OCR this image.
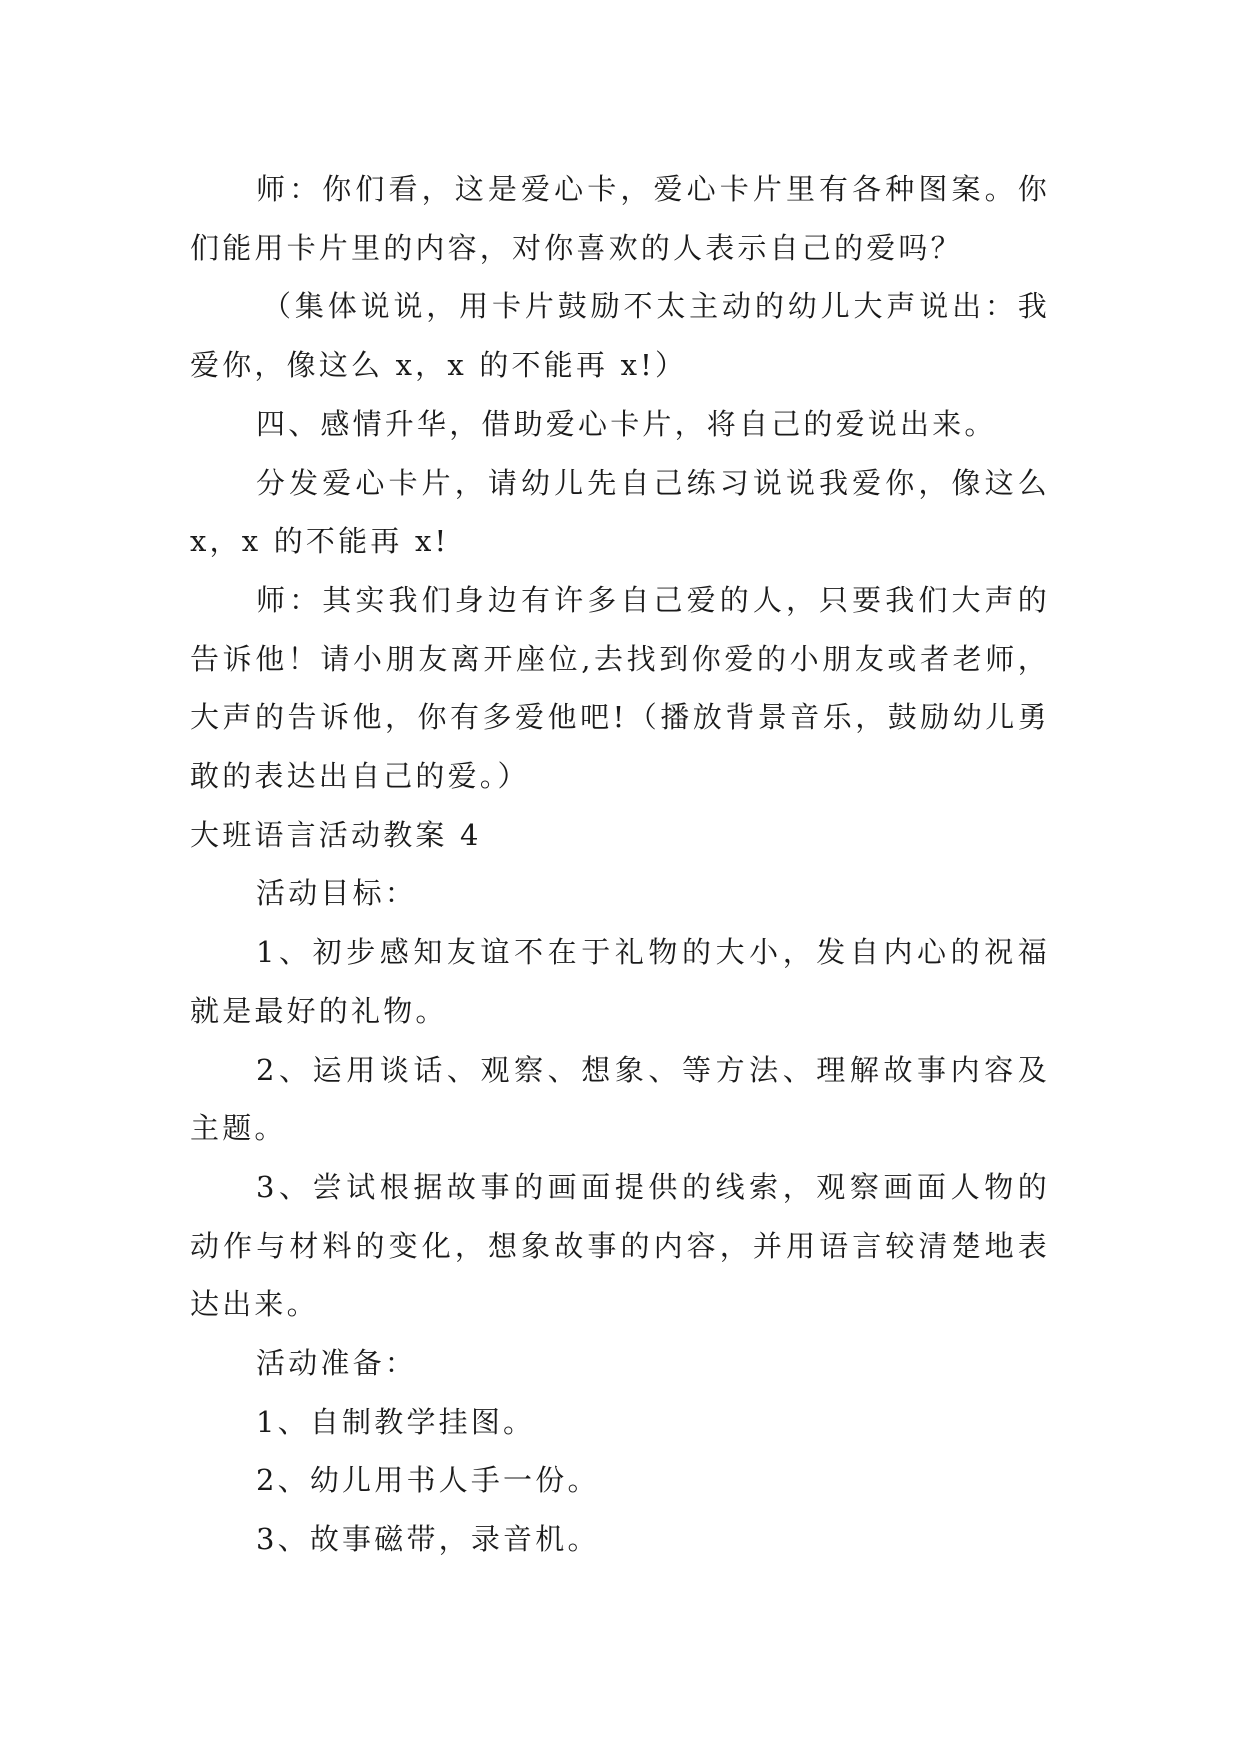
师：你们看，这是爱心卡，爱心卡片里有各种图案。你们能用卡片里的内容，对你喜欢的人表示自己的爱吗？

（集体说说，用卡片鼓励不太主动的幼儿大声说出：我爱你，像这么 x，x 的不能再 x!）

四、感情升华，借助爱心卡片，将自己的爱说出来。

分发爱心卡片，请幼儿先自己练习说说我爱你，像这么 x，x 的不能再 x!

师：其实我们身边有许多自己爱的人，只要我们大声的告诉他！请小朋友离开座位,去找到你爱的小朋友或者老师，大声的告诉他，你有多爱他吧!（播放背景音乐，鼓励幼儿勇敢的表达出自己的爱。）

大班语言活动教案 4

活动目标：

1、初步感知友谊不在于礼物的大小，发自内心的祝福就是最好的礼物。

2、运用谈话、观察、想象、等方法、理解故事内容及主题。

3、尝试根据故事的画面提供的线索，观察画面人物的动作与材料的变化，想象故事的内容，并用语言较清楚地表达出来。

活动准备：

1、自制教学挂图。

2、幼儿用书人手一份。

3、故事磁带，录音机。
